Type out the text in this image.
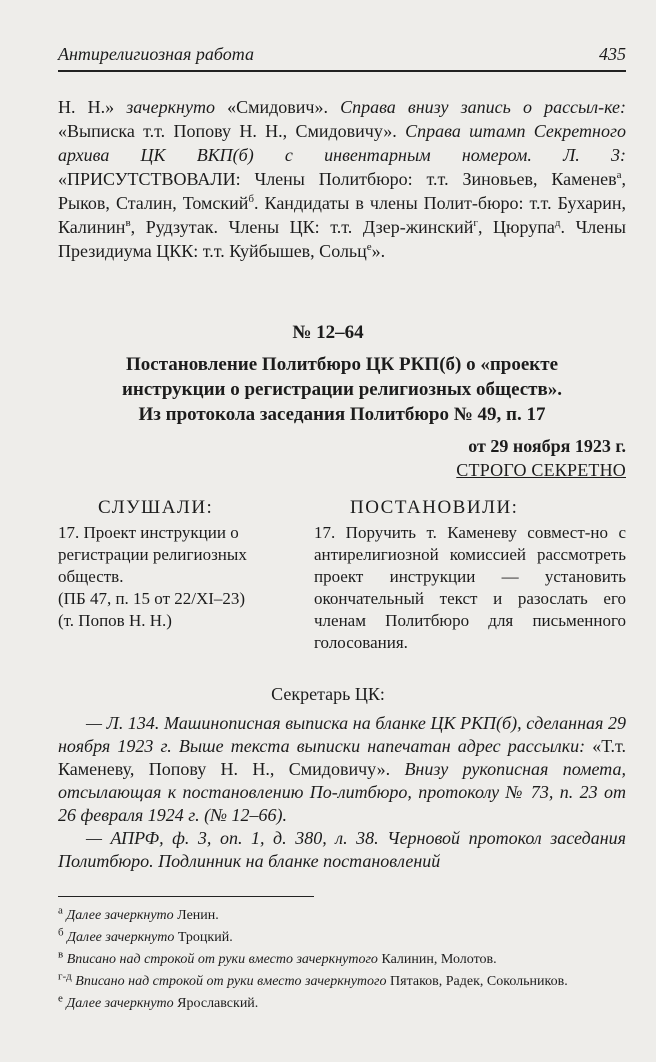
Антирелигиозная работа	435
Н. Н.» зачеркнуто «Смидович». Справа внизу запись о рассыл-ке: «Выписка т.т. Попову Н. Н., Смидовичу». Справа штамп Секретного архива ЦК ВКП(б) с инвентарным номером. Л. 3: «ПРИСУТСТВОВАЛИ: Члены Политбюро: т.т. Зиновьев, Каменев$^а$, Рыков, Сталин, Томский$^б$. Кандидаты в члены Полит-бюро: т.т. Бухарин, Калинин$^в$, Рудзутак. Члены ЦК: т.т. Дзер-жинский$^г$, Цюрупа$^д$. Члены Президиума ЦКК: т.т. Куйбышев, Сольц$^е$».
№ 12–64
Постановление Политбюро ЦК РКП(б) о «проекте
инструкции о регистрации религиозных обществ».
Из протокола заседания Политбюро № 49, п. 17
от 29 ноября 1923 г.
СТРОГО СЕКРЕТНО
СЛУШАЛИ:	ПОСТАНОВИЛИ:

17. Проект инструкции о регистрации религиозных обществ.

(ПБ 47, п. 15 от 22/XI–23)

(т. Попов Н. Н.)

17. Поручить т. Каменеву совмест-но с антирелигиозной комиссией рассмотреть проект инструкции — установить окончательный текст и разослать его членам Политбюро для письменного голосования.

Секретарь ЦК:

— Л. 134. Машинописная выписка на бланке ЦК РКП(б), сделанная 29 ноября 1923 г. Выше текста выписки напечатан адрес рассылки: «Т.т. Каменеву, Попову Н. Н., Смидовичу». Внизу рукописная помета, отсылающая к постановлению По-литбюро, протоколу № 73, п. 23 от 26 февраля 1924 г. (№ 12–66).

— АПРФ, ф. 3, оп. 1, д. 380, л. 38. Черновой протокол заседания Политбюро. Подлинник на бланке постановлений

$^а$ Далее зачеркнуто Ленин.

$^б$ Далее зачеркнуто Троцкий.

$^в$ Вписано над строкой от руки вместо зачеркнутого Калинин, Молотов.

$^{г-д}$ Вписано над строкой от руки вместо зачеркнутого Пятаков, Радек, Сокольников.

$^е$ Далее зачеркнуто Ярославский.
